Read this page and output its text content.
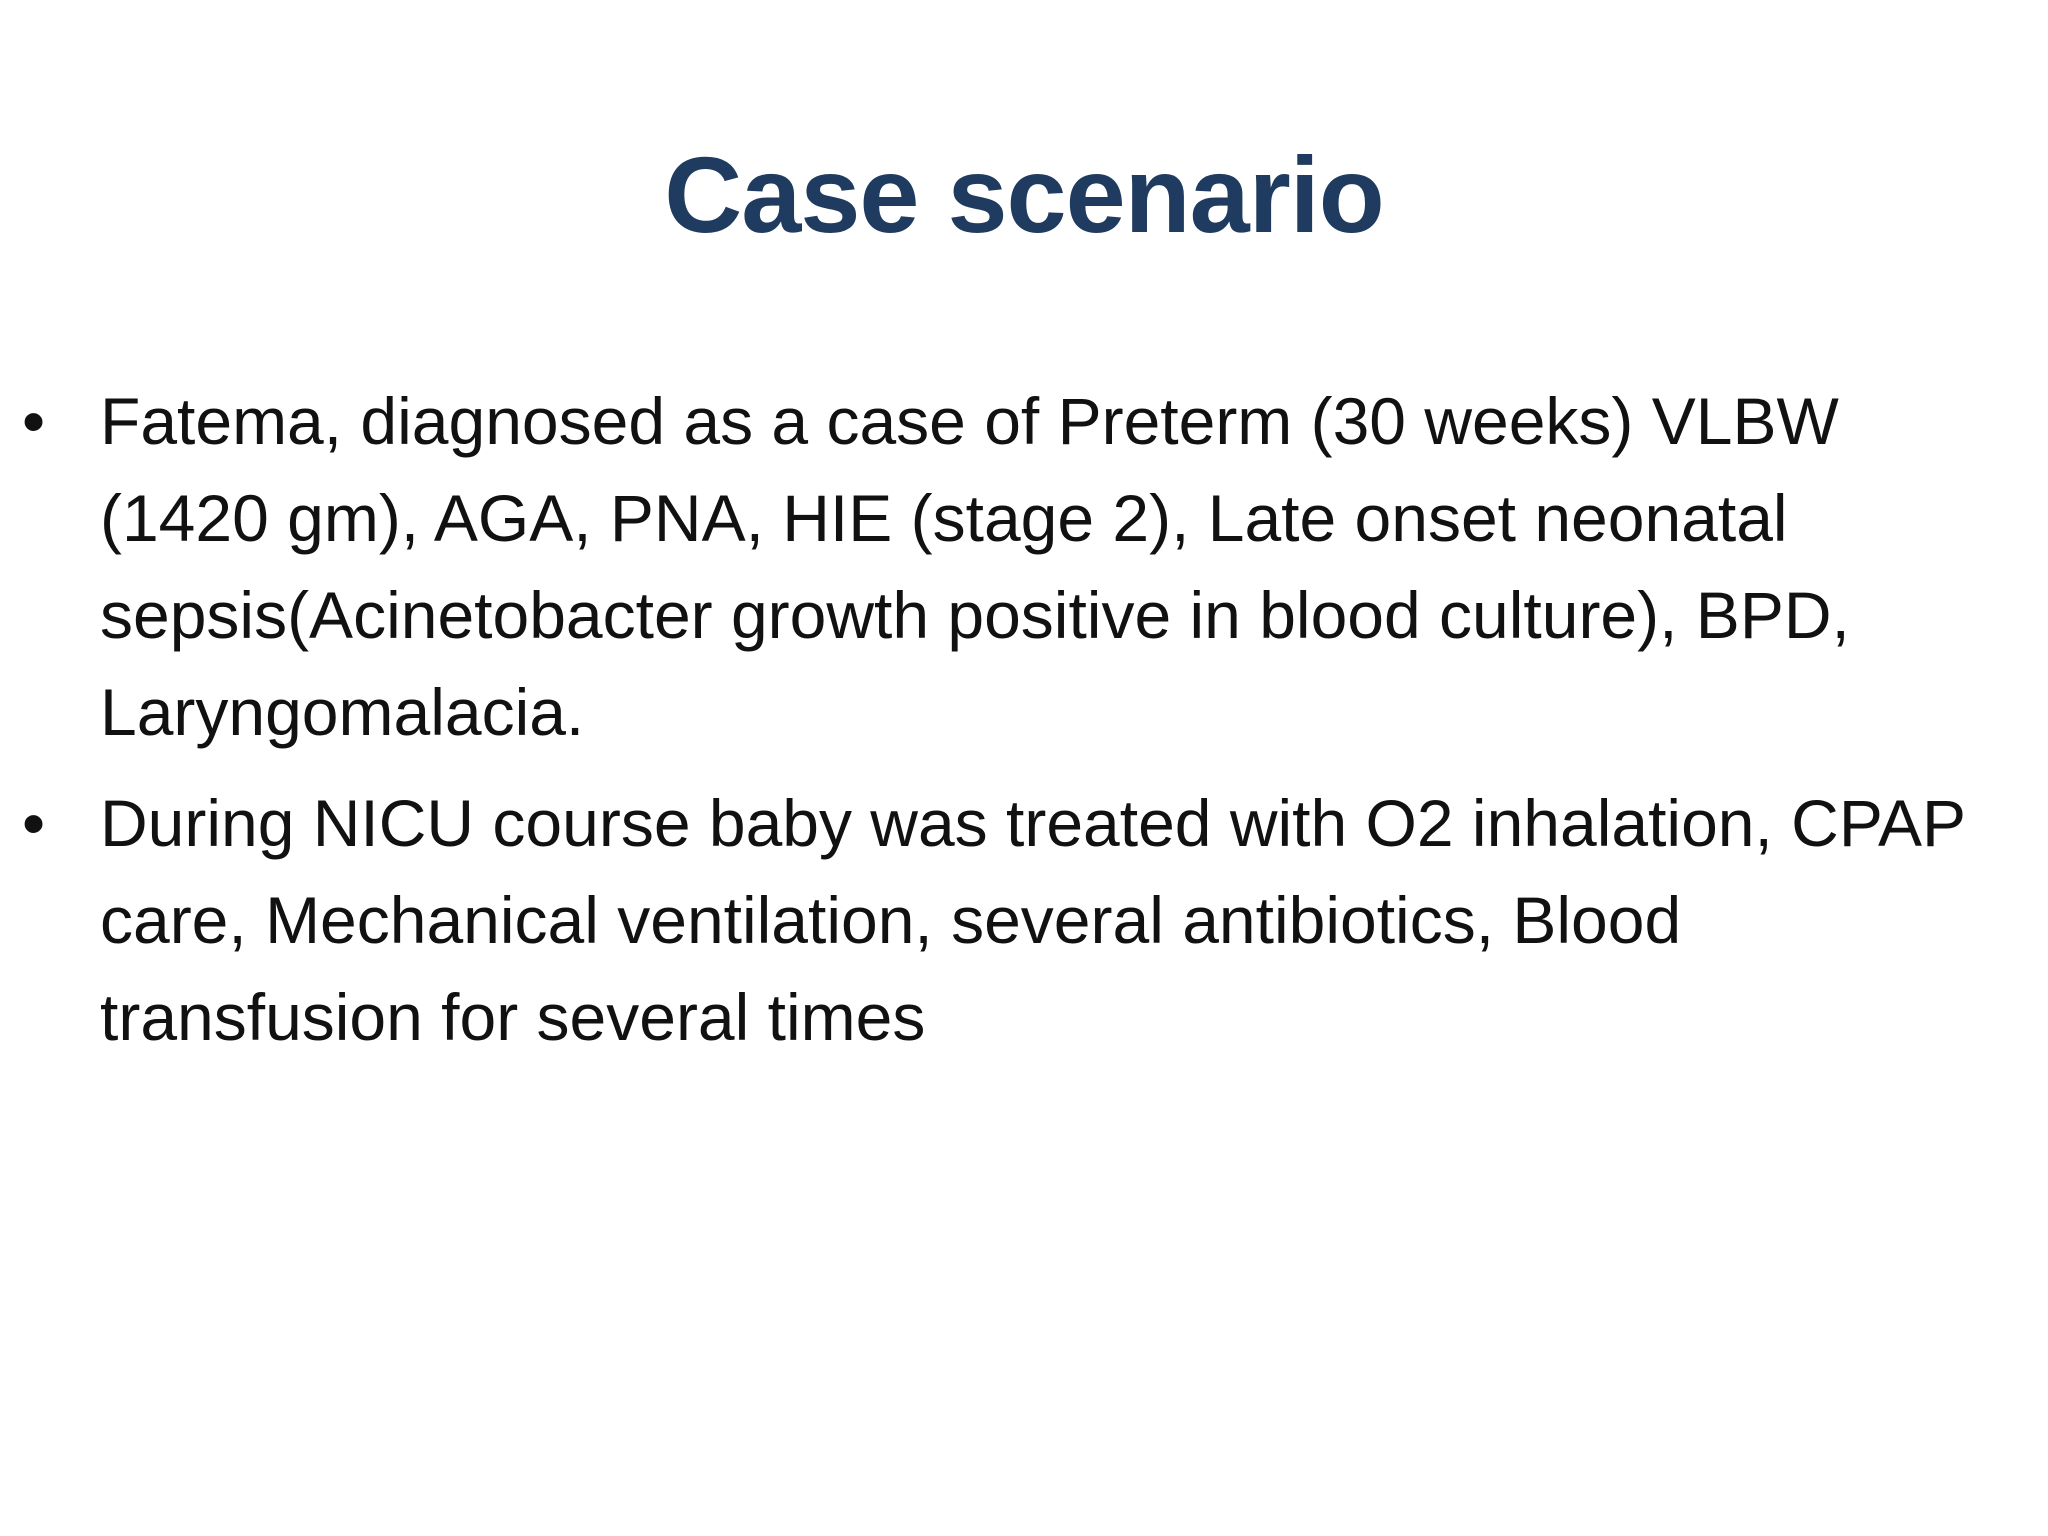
Case scenario
• Fatema, diagnosed as a case of Preterm (30 weeks) VLBW (1420 gm), AGA, PNA, HIE (stage 2), Late onset neonatal sepsis(Acinetobacter growth positive in blood culture), BPD, Laryngomalacia.
• During NICU course baby was treated with O2 inhalation, CPAP care, Mechanical ventilation, several antibiotics, Blood transfusion for several times
